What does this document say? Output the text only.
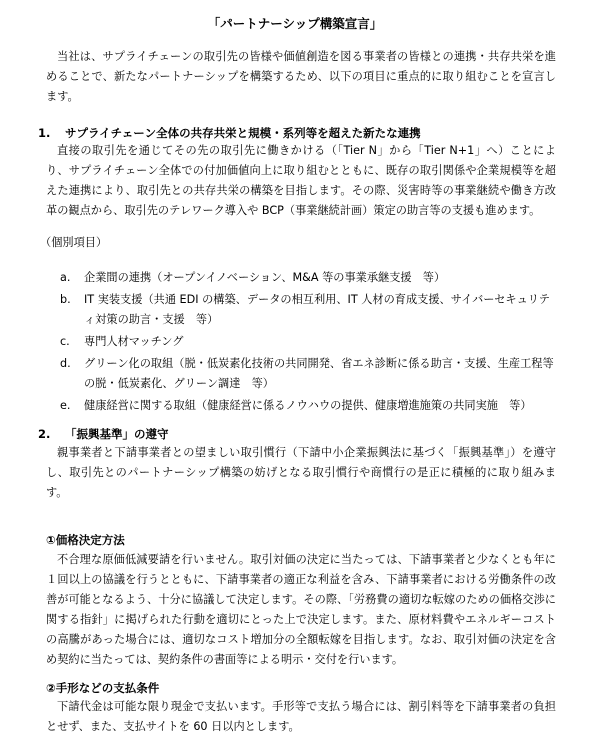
「パートナーシップ構築宣言」

当社は、サプライチェーンの取引先の皆様や価値創造を図る事業者の皆様との連携・共存共栄を進めることで、新たなパートナーシップを構築するため、以下の項目に重点的に取り組むことを宣言します。

1. サプライチェーン全体の共存共栄と規模・系列等を超えた新たな連携

直接の取引先を通じてその先の取引先に働きかける（「Tier N」から「Tier N+1」へ）ことにより、サプライチェーン全体での付加価値向上に取り組むとともに、既存の取引関係や企業規模等を超えた連携により、取引先との共存共栄の構築を目指します。その際、災害時等の事業継続や働き方改革の観点から、取引先のテレワーク導入や BCP（事業継続計画）策定の助言等の支援も進めます。

（個別項目）
a. 企業間の連携（オープンイノベーション、M&A 等の事業承継支援　等）
b. IT 実装支援（共通 EDI の構築、データの相互利用、IT 人材の育成支援、サイバーセキュリティ対策の助言・支援　等）
c. 専門人材マッチング
d. グリーン化の取組（脱・低炭素化技術の共同開発、省エネ診断に係る助言・支援、生産工程等の脱・低炭素化、グリーン調達　等）
e. 健康経営に関する取組（健康経営に係るノウハウの提供、健康増進施策の共同実施　等）
2. 「振興基準」の遵守

親事業者と下請事業者との望ましい取引慣行（下請中小企業振興法に基づく「振興基準」）を遵守し、取引先とのパートナーシップ構築の妨げとなる取引慣行や商慣行の是正に積極的に取り組みます。

①価格決定方法

不合理な原価低減要請を行いません。取引対価の決定に当たっては、下請事業者と少なくとも年に１回以上の協議を行うとともに、下請事業者の適正な利益を含み、下請事業者における労働条件の改善が可能となるよう、十分に協議して決定します。その際、「労務費の適切な転嫁のための価格交渉に関する指針」に掲げられた行動を適切にとった上で決定します。また、原材料費やエネルギーコストの高騰があった場合には、適切なコスト増加分の全額転嫁を目指します。なお、取引対価の決定を含め契約に当たっては、契約条件の書面等による明示・交付を行います。

②手形などの支払条件

下請代金は可能な限り現金で支払います。手形等で支払う場合には、割引料等を下請事業者の負担とせず、また、支払サイトを 60 日以内とします。
